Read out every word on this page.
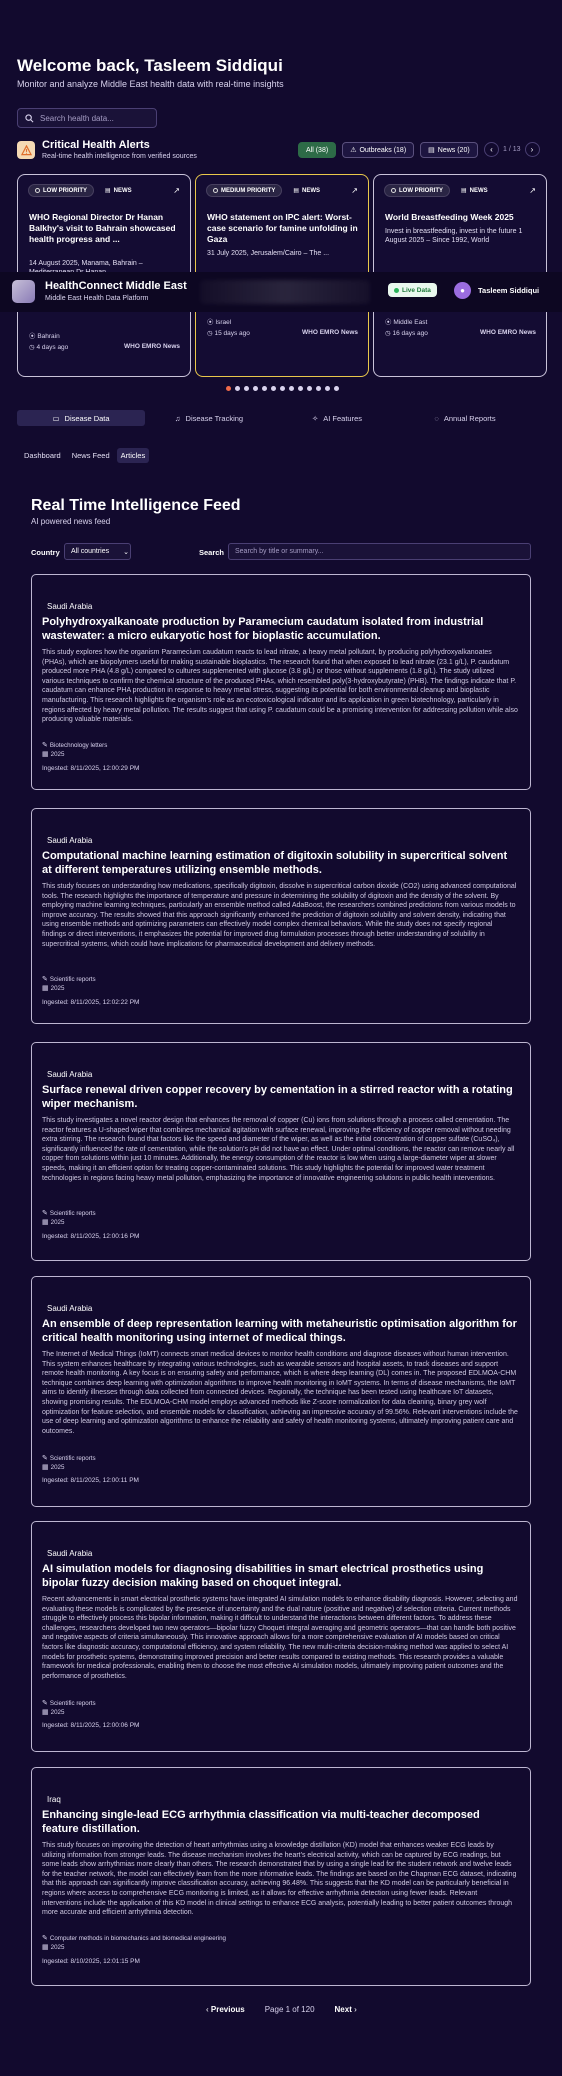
Welcome back, Tasleem Siddiqui
Monitor and analyze Middle East health data with real-time insights
Search health data...
Critical Health Alerts
Real-time health intelligence from verified sources
All (38)	⚠ Outbreaks (18)	▤ News (20)	‹ 1 / 13 ›
LOW PRIORITY	▤ NEWS	↗
WHO Regional Director Dr Hanan Balkhy's visit to Bahrain showcased health progress and ...
14 August 2025, Manama, Bahrain –
⦿ Bahrain
◷ 4 days ago	WHO EMRO News
MEDIUM PRIORITY	▤ NEWS	↗
WHO statement on IPC alert: Worst-case scenario for famine unfolding in Gaza
31 July 2025, Jerusalem/Cairo – The ...
⦿ Israel
◷ 15 days ago	WHO EMRO News
LOW PRIORITY	▤ NEWS	↗
World Breastfeeding Week 2025
Invest in breastfeeding, invest in the future 1 August 2025 – Since 1992, World
⦿ Middle East
◷ 16 days ago	WHO EMRO News
HealthConnect Middle East
Middle East Health Data Platform
Live Data	● Tasleem Siddiqui
▭ Disease Data	♫ Disease Tracking	✧ AI Features	◌ Annual Reports
Dashboard	News Feed	Articles
Real Time Intelligence Feed
AI powered news feed
Country All countries ⌄	Search Search by title or summary...
Saudi Arabia
Polyhydroxyalkanoate production by Paramecium caudatum isolated from industrial wastewater: a micro eukaryotic host for bioplastic accumulation.
This study explores how the organism Paramecium caudatum reacts to lead nitrate, a heavy metal pollutant, by producing polyhydroxyalkanoates (PHAs), which are biopolymers useful for making sustainable bioplastics. The research found that when exposed to lead nitrate (23.1 g/L), P. caudatum produced more PHA (4.8 g/L) compared to cultures supplemented with glucose (3.8 g/L) or those without supplements (1.8 g/L). The study utilized various techniques to confirm the chemical structure of the produced PHAs, which resembled poly(3-hydroxybutyrate) (PHB). The findings indicate that P. caudatum can enhance PHA production in response to heavy metal stress, suggesting its potential for both environmental cleanup and bioplastic manufacturing. This research highlights the organism's role as an ecotoxicological indicator and its application in green biotechnology, particularly in regions affected by heavy metal pollution. The results suggest that using P. caudatum could be a promising intervention for addressing pollution while also producing valuable materials.
✎ Biotechnology letters
▦ 2025
Ingested: 8/11/2025, 12:00:29 PM
Saudi Arabia
Computational machine learning estimation of digitoxin solubility in supercritical solvent at different temperatures utilizing ensemble methods.
This study focuses on understanding how medications, specifically digitoxin, dissolve in supercritical carbon dioxide (CO2) using advanced computational tools. The research highlights the importance of temperature and pressure in determining the solubility of digitoxin and the density of the solvent. By employing machine learning techniques, particularly an ensemble method called AdaBoost, the researchers combined predictions from various models to improve accuracy. The results showed that this approach significantly enhanced the prediction of digitoxin solubility and solvent density, indicating that using ensemble methods and optimizing parameters can effectively model complex chemical behaviors. While the study does not specify regional findings or direct interventions, it emphasizes the potential for improved drug formulation processes through better understanding of solubility in supercritical systems, which could have implications for pharmaceutical development and delivery methods.
✎ Scientific reports
▦ 2025
Ingested: 8/11/2025, 12:02:22 PM
Saudi Arabia
Surface renewal driven copper recovery by cementation in a stirred reactor with a rotating wiper mechanism.
This study investigates a novel reactor design that enhances the removal of copper (Cu) ions from solutions through a process called cementation. The reactor features a U-shaped wiper that combines mechanical agitation with surface renewal, improving the efficiency of copper removal without needing extra stirring. The research found that factors like the speed and diameter of the wiper, as well as the initial concentration of copper sulfate (CuSO₄), significantly influenced the rate of cementation, while the solution's pH did not have an effect. Under optimal conditions, the reactor can remove nearly all copper from solutions within just 10 minutes. Additionally, the energy consumption of the reactor is low when using a large-diameter wiper at slower speeds, making it an efficient option for treating copper-contaminated solutions. This study highlights the potential for improved water treatment technologies in regions facing heavy metal pollution, emphasizing the importance of innovative engineering solutions in public health interventions.
✎ Scientific reports
▦ 2025
Ingested: 8/11/2025, 12:00:16 PM
Saudi Arabia
An ensemble of deep representation learning with metaheuristic optimisation algorithm for critical health monitoring using internet of medical things.
The Internet of Medical Things (IoMT) connects smart medical devices to monitor health conditions and diagnose diseases without human intervention. This system enhances healthcare by integrating various technologies, such as wearable sensors and hospital assets, to track diseases and support remote health monitoring. A key focus is on ensuring safety and performance, which is where deep learning (DL) comes in. The proposed EDLMOA-CHM technique combines deep learning with optimization algorithms to improve health monitoring in IoMT systems. In terms of disease mechanisms, the IoMT aims to identify illnesses through data collected from connected devices. Regionally, the technique has been tested using healthcare IoT datasets, showing promising results. The EDLMOA-CHM model employs advanced methods like Z-score normalization for data cleaning, binary grey wolf optimization for feature selection, and ensemble models for classification, achieving an impressive accuracy of 99.56%. Relevant interventions include the use of deep learning and optimization algorithms to enhance the reliability and safety of health monitoring systems, ultimately improving patient care and outcomes.
✎ Scientific reports
▦ 2025
Ingested: 8/11/2025, 12:00:11 PM
Saudi Arabia
AI simulation models for diagnosing disabilities in smart electrical prosthetics using bipolar fuzzy decision making based on choquet integral.
Recent advancements in smart electrical prosthetic systems have integrated AI simulation models to enhance disability diagnosis. However, selecting and evaluating these models is complicated by the presence of uncertainty and the dual nature (positive and negative) of selection criteria. Current methods struggle to effectively process this bipolar information, making it difficult to understand the interactions between different factors. To address these challenges, researchers developed two new operators—bipolar fuzzy Choquet integral averaging and geometric operators—that can handle both positive and negative aspects of criteria simultaneously. This innovative approach allows for a more comprehensive evaluation of AI models based on critical factors like diagnostic accuracy, computational efficiency, and system reliability. The new multi-criteria decision-making method was applied to select AI models for prosthetic systems, demonstrating improved precision and better results compared to existing methods. This research provides a valuable framework for medical professionals, enabling them to choose the most effective AI simulation models, ultimately improving patient outcomes and the performance of prosthetics.
✎ Scientific reports
▦ 2025
Ingested: 8/11/2025, 12:00:06 PM
Iraq
Enhancing single-lead ECG arrhythmia classification via multi-teacher decomposed feature distillation.
This study focuses on improving the detection of heart arrhythmias using a knowledge distillation (KD) model that enhances weaker ECG leads by utilizing information from stronger leads. The disease mechanism involves the heart's electrical activity, which can be captured by ECG readings, but some leads show arrhythmias more clearly than others. The research demonstrated that by using a single lead for the student network and twelve leads for the teacher network, the model can effectively learn from the more informative leads. The findings are based on the Chapman ECG dataset, indicating that this approach can significantly improve classification accuracy, achieving 96.48%. This suggests that the KD model can be particularly beneficial in regions where access to comprehensive ECG monitoring is limited, as it allows for effective arrhythmia detection using fewer leads. Relevant interventions include the application of this KD model in clinical settings to enhance ECG analysis, potentially leading to better patient outcomes through more accurate and efficient arrhythmia detection.
✎ Computer methods in biomechanics and biomedical engineering
▦ 2025
Ingested: 8/10/2025, 12:01:15 PM
‹ Previous	Page 1 of 120	Next ›
